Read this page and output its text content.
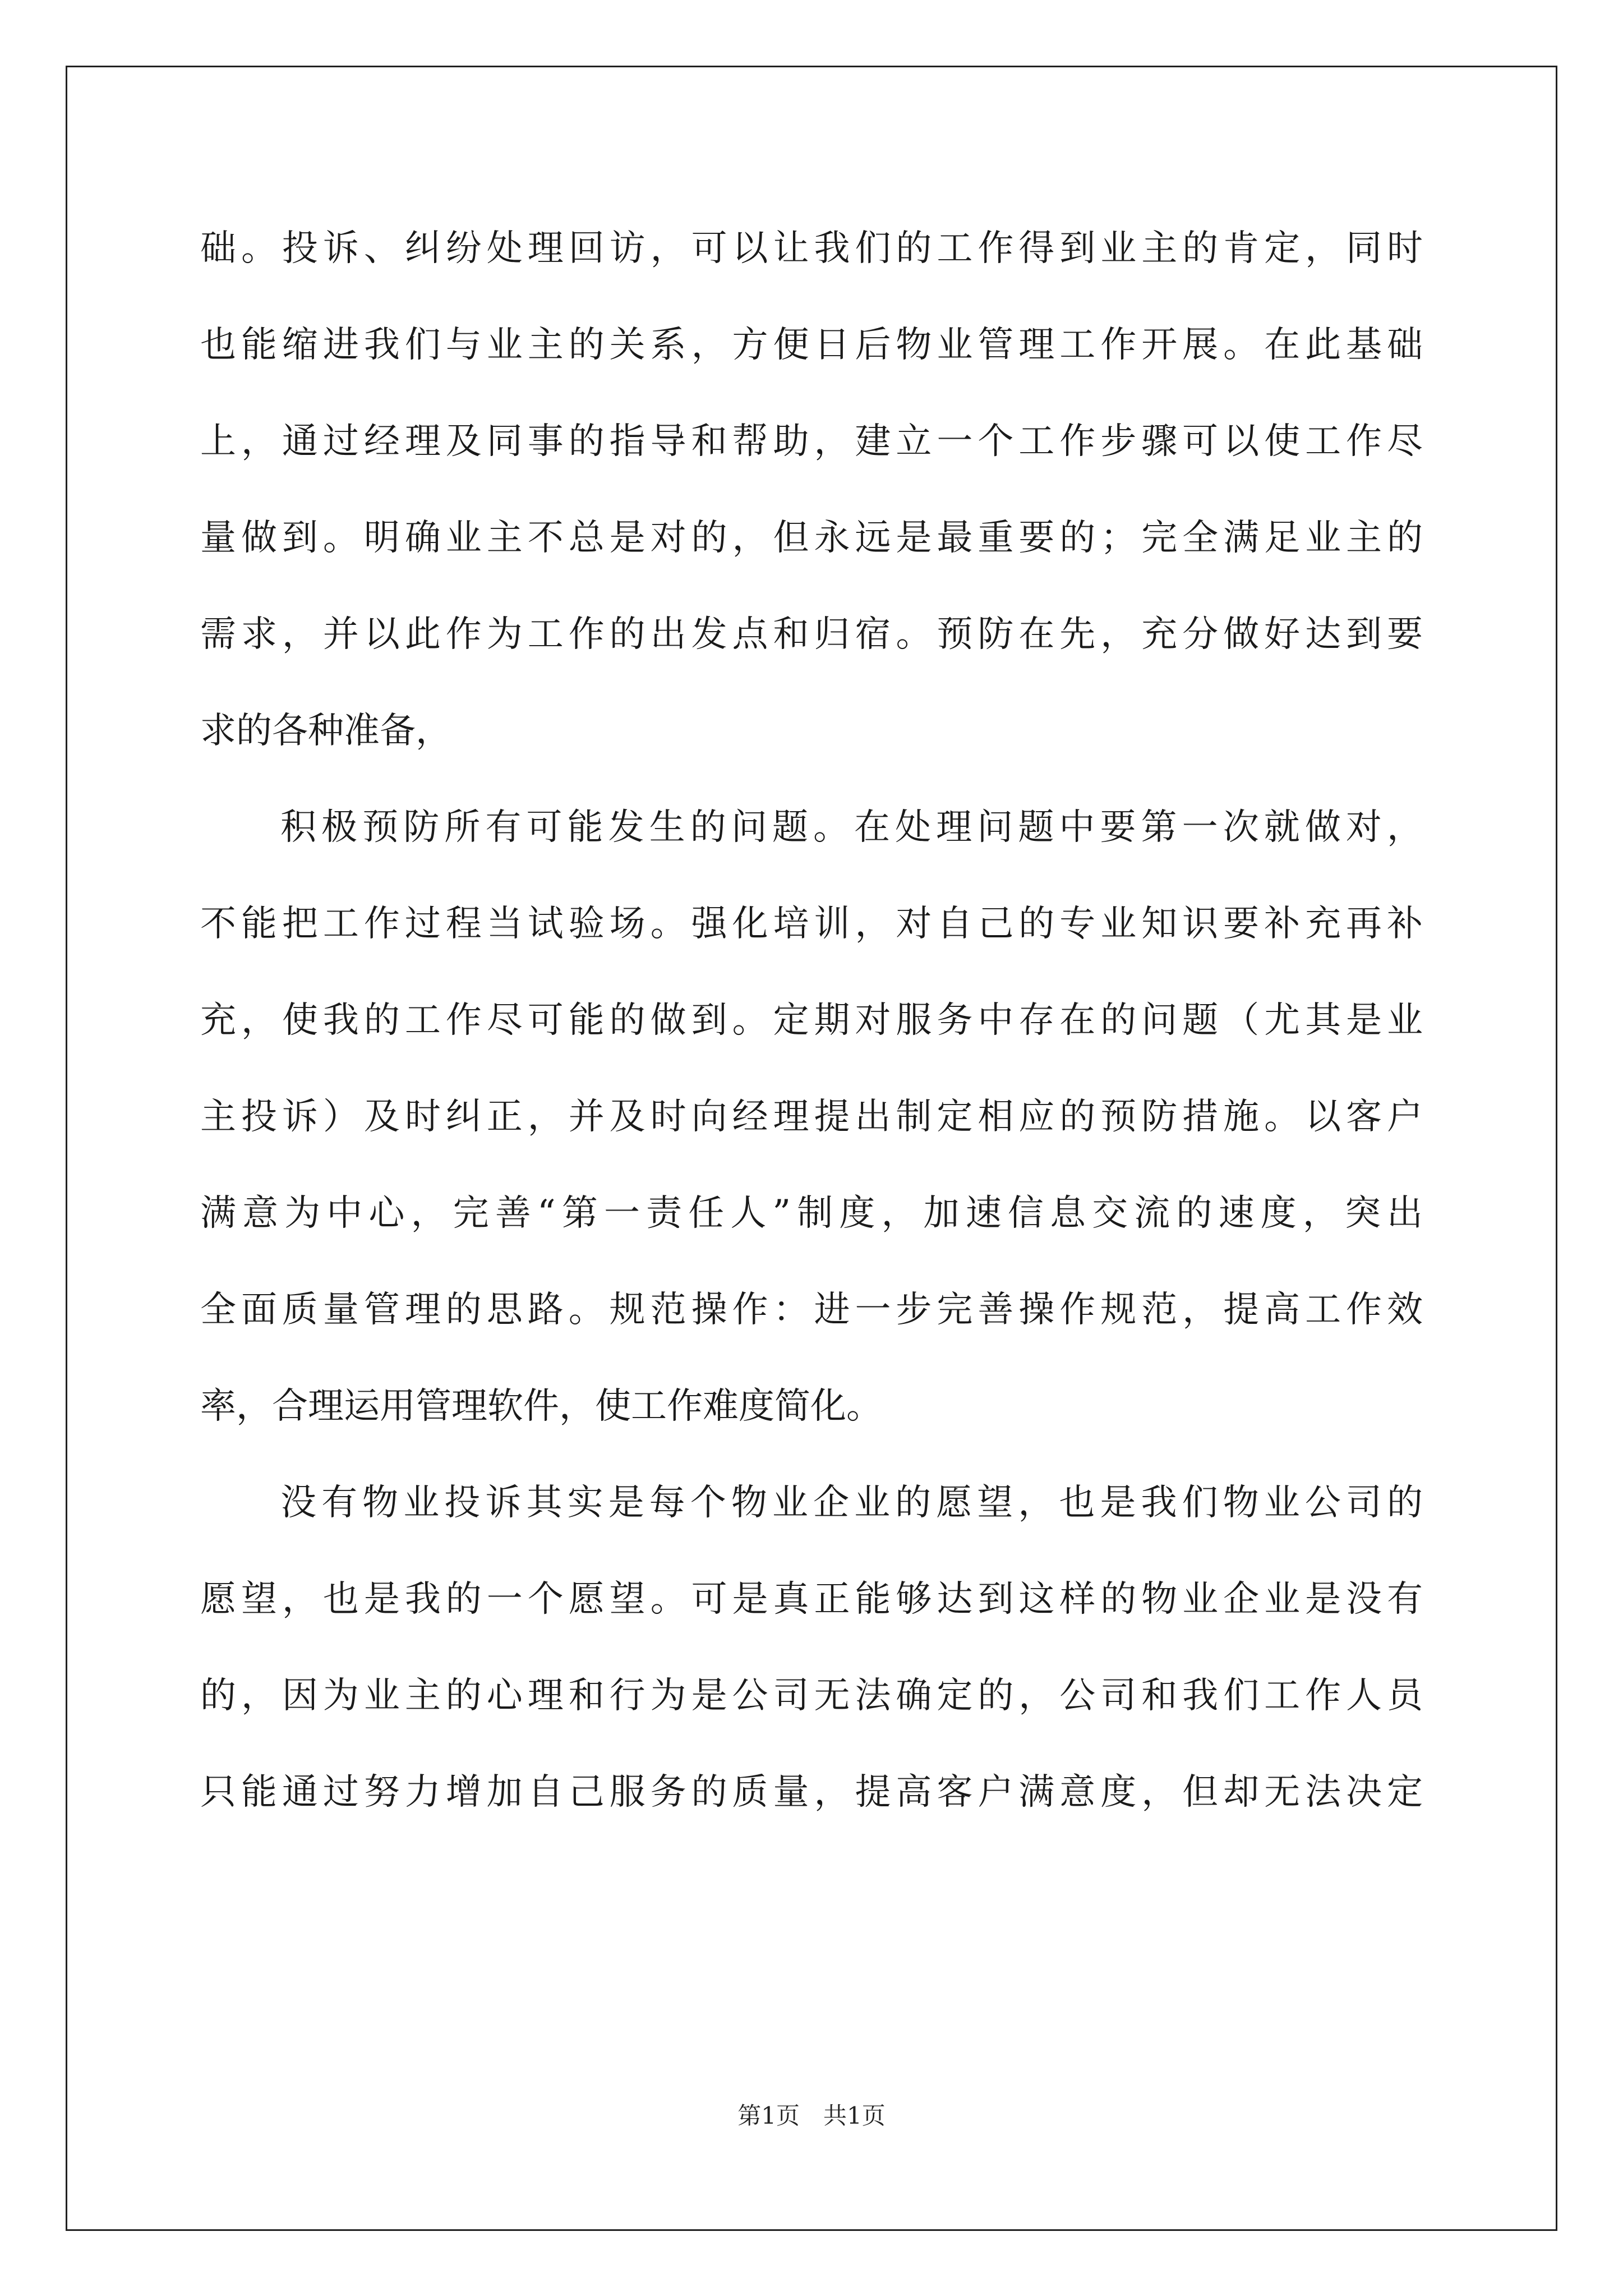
础。投诉、纠纷处理回访，可以让我们的工作得到业主的肯定，同时
也能缩进我们与业主的关系，方便日后物业管理工作开展。在此基础
上，通过经理及同事的指导和帮助，建立一个工作步骤可以使工作尽
量做到。明确业主不总是对的，但永远是最重要的；完全满足业主的
需求，并以此作为工作的出发点和归宿。预防在先，充分做好达到要
求的各种准备，
积极预防所有可能发生的问题。在处理问题中要第一次就做对，
不能把工作过程当试验场。强化培训，对自己的专业知识要补充再补
充，使我的工作尽可能的做到。定期对服务中存在的问题（尤其是业
主投诉）及时纠正，并及时向经理提出制定相应的预防措施。以客户
满意为中心，完善“第一责任人”制度，加速信息交流的速度，突出
全面质量管理的思路。规范操作：进一步完善操作规范，提高工作效
率，合理运用管理软件，使工作难度简化。
没有物业投诉其实是每个物业企业的愿望，也是我们物业公司的
愿望，也是我的一个愿望。可是真正能够达到这样的物业企业是没有
的，因为业主的心理和行为是公司无法确定的，公司和我们工作人员
只能通过努力增加自己服务的质量，提高客户满意度，但却无法决定
第1页　共1页
